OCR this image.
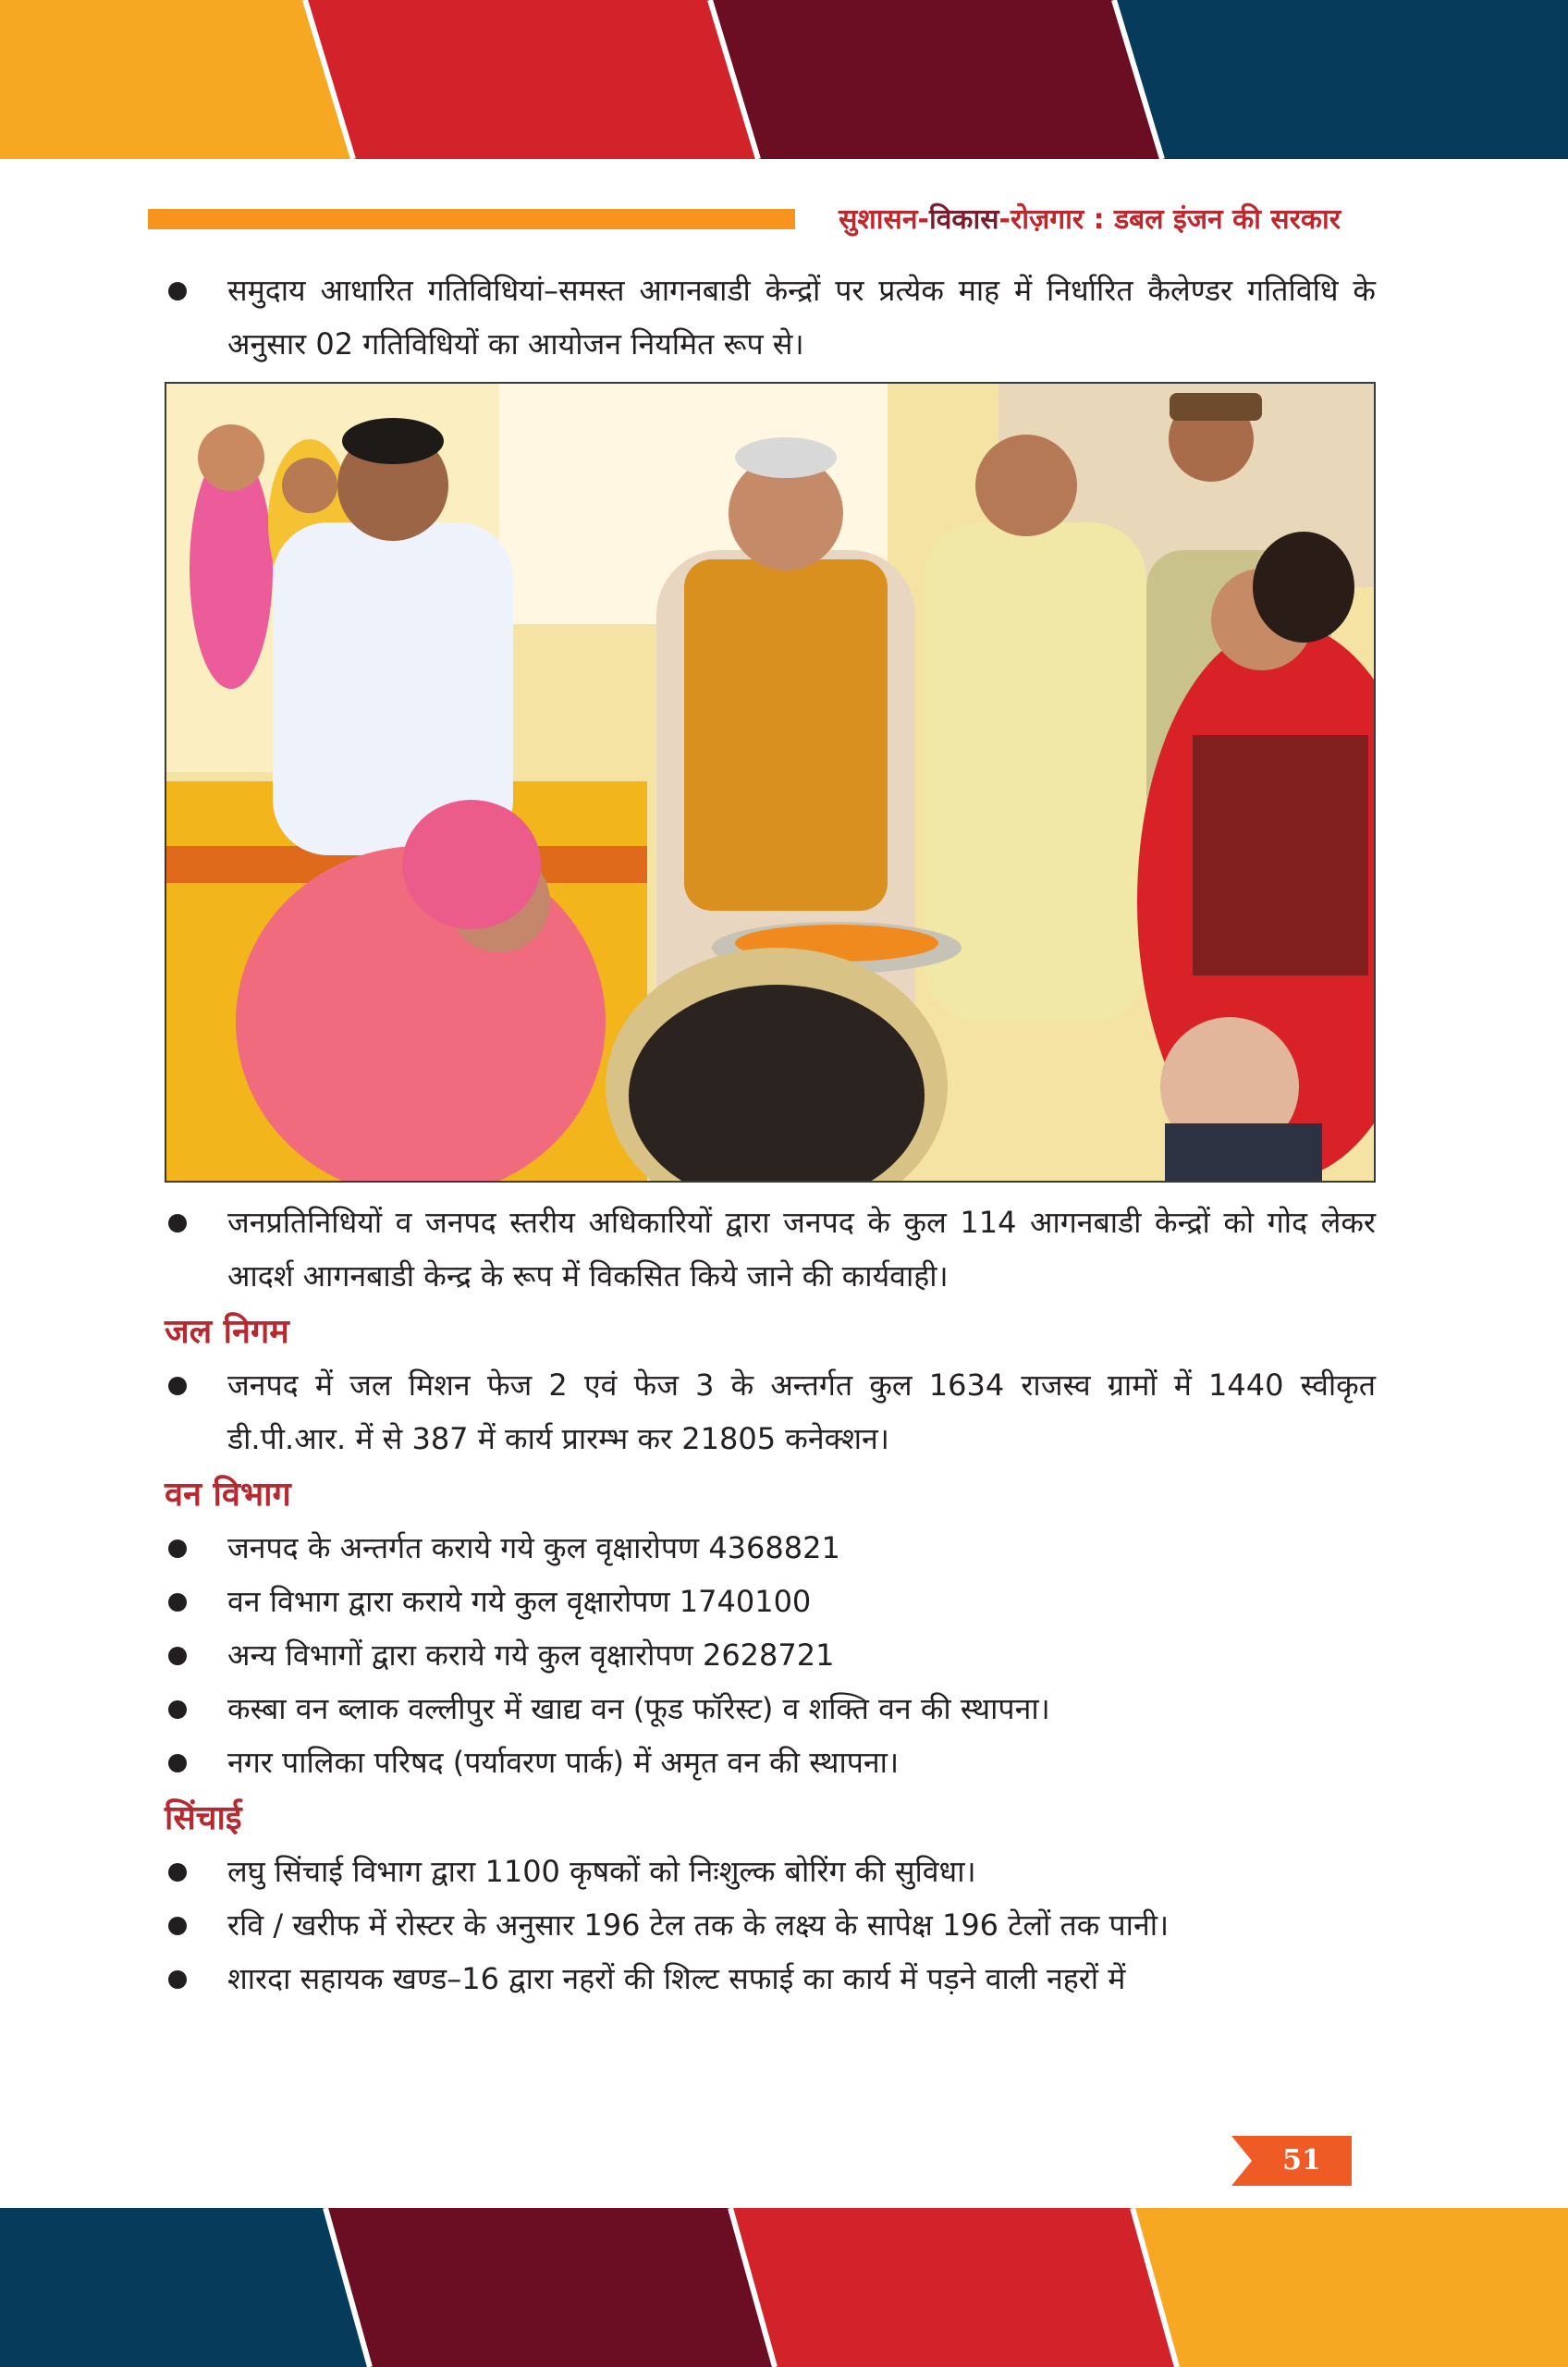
सुशासन-विकास-रोज़गार : डबल इंजन की सरकार
समुदाय आधारित गतिविधियां–समस्त आगनबाडी केन्द्रों पर प्रत्येक माह में निर्धारित कैलेण्डर गतिविधि के अनुसार 02 गतिविधियों का आयोजन नियमित रूप से।
जनप्रतिनिधियों व जनपद स्तरीय अधिकारियों द्वारा जनपद के कुल 114 आगनबाडी केन्द्रों को गोद लेकर आदर्श आगनबाडी केन्द्र के रूप में विकसित किये जाने की कार्यवाही।
जल निगम
जनपद में जल मिशन फेज 2 एवं फेज 3 के अन्तर्गत कुल 1634 राजस्व ग्रामों में 1440 स्वीकृत डी.पी.आर. में से 387 में कार्य प्रारम्भ कर 21805 कनेक्शन।
वन विभाग
जनपद के अन्तर्गत कराये गये कुल वृक्षारोपण 4368821
वन विभाग द्वारा कराये गये कुल वृक्षारोपण 1740100
अन्य विभागों द्वारा कराये गये कुल वृक्षारोपण 2628721
कस्बा वन ब्लाक वल्लीपुर में खाद्य वन (फूड फॉरेस्ट) व शक्ति वन की स्थापना।
नगर पालिका परिषद (पर्यावरण पार्क) में अमृत वन की स्थापना।
सिंचाई
लघु सिंचाई विभाग द्वारा 1100 कृषकों को निःशुल्क बोरिंग की सुविधा।
रवि / खरीफ में रोस्टर के अनुसार 196 टेल तक के लक्ष्य के सापेक्ष 196 टेलों तक पानी।
शारदा सहायक खण्ड–16 द्वारा नहरों की शिल्ट सफाई का कार्य में पड़ने वाली नहरों में
51
